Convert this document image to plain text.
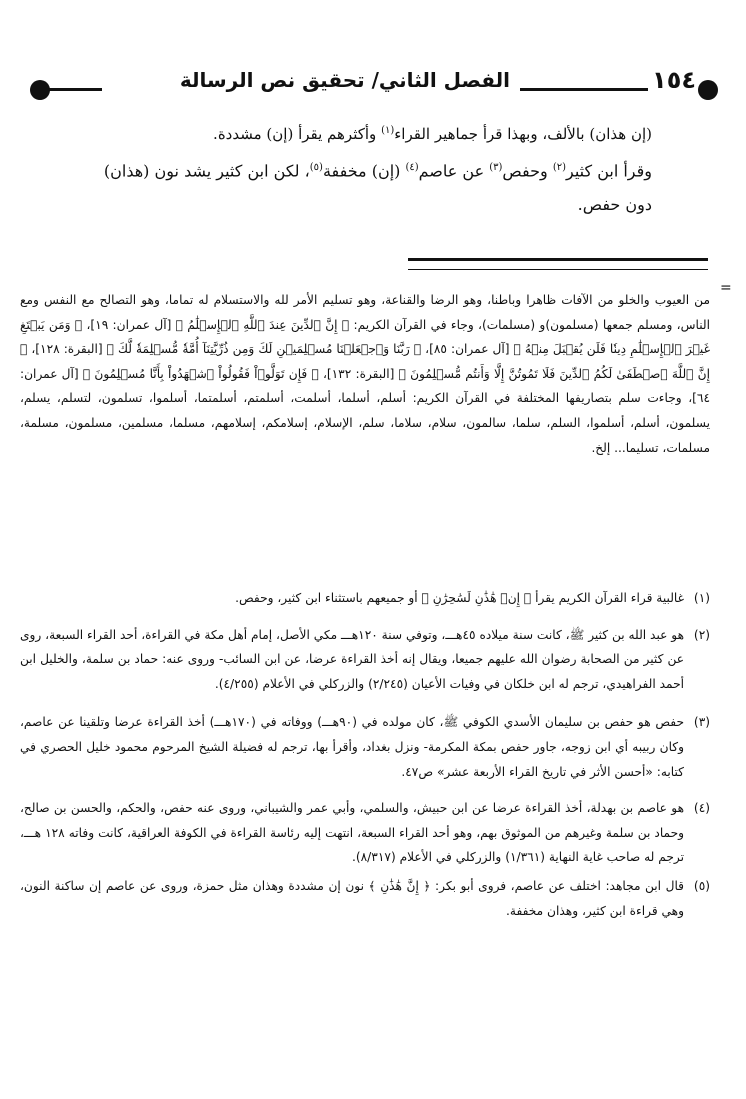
١٥٤
الفصل الثاني/ تحقيق نص الرسالة

(إن هذان) بالألف، وبهذا قرأ جماهير القراء$^{(١)}$ وأكثرهم يقرأ (إن) مشددة.

وقرأ ابن كثير$^{(٢)}$ وحفص$^{(٣)}$ عن عاصم$^{(٤)}$ (إن) مخففة$^{(٥)}$، لكن ابن كثير يشد نون (هذان) دون حفص.

=

من العيوب والخلو من الآفات ظاهرا وباطنا، وهو الرضا والقناعة، وهو تسليم الأمر لله والاستسلام له تماما، وهو التصالح مع النفس ومع الناس، ومسلم جمعها (مسلمون)و (مسلمات)، وجاء في القرآن الكريم: ﴿ إِنَّ ٱلدِّينَ عِندَ ٱللَّهِ ٱلۡإِسۡلَٰمُ ﴾ [آل عمران: ١٩]، ﴿ وَمَن يَبۡتَغِ غَيۡرَ ٱلۡإِسۡلَٰمِ دِينٗا فَلَن يُقۡبَلَ مِنۡهُ ﴾ [آل عمران: ٨٥]، ﴿ رَبَّنَا وَٱجۡعَلۡنَا مُسۡلِمَيۡنِ لَكَ وَمِن ذُرِّيَّتِنَآ أُمَّةٗ مُّسۡلِمَةٗ لَّكَ ﴾ [البقرة: ١٢٨]، ﴿ إِنَّ ٱللَّهَ ٱصۡطَفَىٰ لَكُمُ ٱلدِّينَ فَلَا تَمُوتُنَّ إِلَّا وَأَنتُم مُّسۡلِمُونَ ﴾ [البقرة: ١٣٢]، ﴿ فَإِن تَوَلَّوۡاْ فَقُولُواْ ٱشۡهَدُواْ بِأَنَّا مُسۡلِمُونَ ﴾ [آل عمران: ٦٤]، وجاءت سلم بتصاريفها المختلفة في القرآن الكريم: أسلم، أسلما، أسلمت، أسلمتم، أسلمتما، أسلموا، تسلمون، لتسلم، يسلم، يسلمون، أسلم، أسلموا، السلم، سلما، سالمون، سلام، سلاما، سلم، الإسلام، إسلامكم، إسلامهم، مسلما، مسلمين، مسلمون، مسلمة، مسلمات، تسليما... إلخ.

(١)
غالبية قراء القرآن الكريم يقرأ ﴿ إِنۡ هَٰذَٰنِ لَسَٰحِرَٰنِ ﴾ أو جميعهم باستثناء ابن كثير، وحفص.

(٢)
هو عبد الله بن كثير ﷺ، كانت سنة ميلاده ٤٥هـــ، وتوفي سنة ١٢٠هـــ مكي الأصل، إمام أهل مكة في القراءة، أحد القراء السبعة، روى عن كثير من الصحابة رضوان الله عليهم جميعا، ويقال إنه أخذ القراءة عرضا، عن ابن السائب- وروى عنه: حماد بن سلمة، والخليل ابن أحمد الفراهيدي، ترجم له ابن خلكان في وفيات الأعيان (٢/٢٤٥) والزركلي في الأعلام (٤/٢٥٥).

(٣)
حفص هو حفص بن سليمان الأسدي الكوفي ﷺ، كان مولده في (٩٠هـــ) ووفاته في (١٧٠هـــ) أخذ القراءة عرضا وتلقينا عن عاصم، وكان ربيبه أي ابن زوجه، جاور حفص بمكة المكرمة- ونزل بغداد، وأقرأ بها، ترجم له فضيلة الشيخ المرحوم محمود خليل الحصري في كتابه: «أحسن الأثر في تاريخ القراء الأربعة عشر» ص٤٧.

(٤)
هو عاصم بن بهدلة، أخذ القراءة عرضا عن ابن حبيش، والسلمي، وأبي عمر والشيباني، وروى عنه حفص، والحكم، والحسن بن صالح، وحماد بن سلمة وغيرهم من الموثوق بهم، وهو أحد القراء السبعة، انتهت إليه رئاسة القراءة في الكوفة العراقية، كانت وفاته ١٢٨ هـــ، ترجم له صاحب غاية النهاية (١/٣٦١) والزركلي في الأعلام (٨/٣١٧).

(٥)
قال ابن مجاهد: اختلف عن عاصم، فروى أبو بكر: ﴿ إِنَّ هَٰذَٰنِ ﴾ نون إن مشددة وهذان مثل حمزة، وروى عن عاصم إن ساكنة النون، وهي قراءة ابن كثير، وهذان مخففة.
